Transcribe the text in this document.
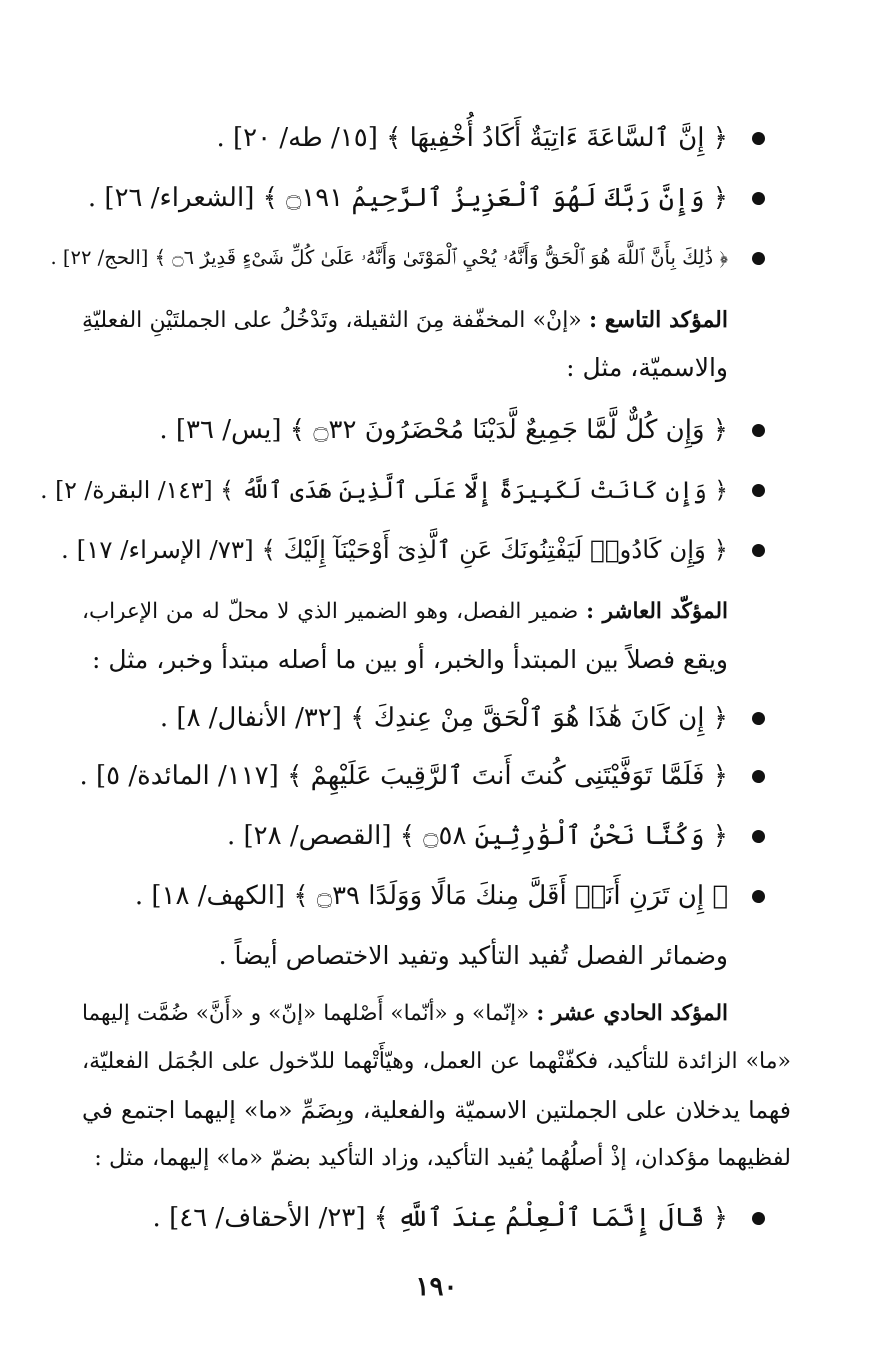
﴿ إِنَّ ٱلسَّاعَةَ ءَاتِيَةٌ أَكَادُ أُخْفِيهَا ﴾ [١٥/ طه/ ٢٠] .
﴿ وَإِنَّ رَبَّكَ لَهُوَ ٱلْعَزِيزُ ٱلرَّحِيمُ ۝١٩١ ﴾ [الشعراء/ ٢٦] .
﴿ ذَٰلِكَ بِأَنَّ ٱللَّهَ هُوَ ٱلْحَقُّ وَأَنَّهُۥ يُحْيِ ٱلْمَوْتَىٰ وَأَنَّهُۥ عَلَىٰ كُلِّ شَىْءٍ قَدِيرٌ ۝٦ ﴾ [الحج/ ٢٢] .
المؤكد التاسع : «إنْ» المخفّفة مِنَ الثقيلة، وتَدْخُلُ على الجملتَيْنِ الفعليّةِ
والاسميّة، مثل :
﴿ وَإِن كُلٌّ لَّمَّا جَمِيعٌ لَّدَيْنَا مُحْضَرُونَ ۝٣٢ ﴾ [يس/ ٣٦] .
﴿ وَإِن كَانَتْ لَكَبِيرَةً إِلَّا عَلَى ٱلَّذِينَ هَدَى ٱللَّهُ ﴾ [١٤٣/ البقرة/ ٢] .
﴿ وَإِن كَادُوا۟ لَيَفْتِنُونَكَ عَنِ ٱلَّذِىٓ أَوْحَيْنَآ إِلَيْكَ ﴾ [٧٣/ الإسراء/ ١٧] .
المؤكّد العاشر : ضمير الفصل، وهو الضمير الذي لا محلّ له من الإعراب،
ويقع فصلاً بين المبتدأ والخبر، أو بين ما أصله مبتدأ وخبر، مثل :
﴿ إِن كَانَ هَٰذَا هُوَ ٱلْحَقَّ مِنْ عِندِكَ ﴾ [٣٢/ الأنفال/ ٨] .
﴿ فَلَمَّا تَوَفَّيْتَنِى كُنتَ أَنتَ ٱلرَّقِيبَ عَلَيْهِمْ ﴾ [١١٧/ المائدة/ ٥] .
﴿ وَكُنَّا نَحْنُ ٱلْوَٰرِثِينَ ۝٥٨ ﴾ [القصص/ ٢٨] .
﴿ إِن تَرَنِ أَنَا۠ أَقَلَّ مِنكَ مَالًا وَوَلَدًا ۝٣٩ ﴾ [الكهف/ ١٨] .
وضمائر الفصل تُفيد التأكيد وتفيد الاختصاص أيضاً .
المؤكد الحادي عشر : «إنّما» و «أنّما» أَصْلهما «إنّ» و «أَنَّ» ضُمَّت إليهما
«ما» الزائدة للتأكيد، فكفّتْهما عن العمل، وهيّأَتْهما للدّخول على الجُمَل الفعليّة،
فهما يدخلان على الجملتين الاسميّة والفعلية، وبِضَمِّ «ما» إليهما اجتمع في
لفظيهما مؤكدان، إذْ أصلُهُما يُفيد التأكيد، وزاد التأكيد بضمّ «ما» إليهما، مثل :
﴿ قَالَ إِنَّمَا ٱلْعِلْمُ عِندَ ٱللَّهِ ﴾ [٢٣/ الأحقاف/ ٤٦] .
١٩٠
